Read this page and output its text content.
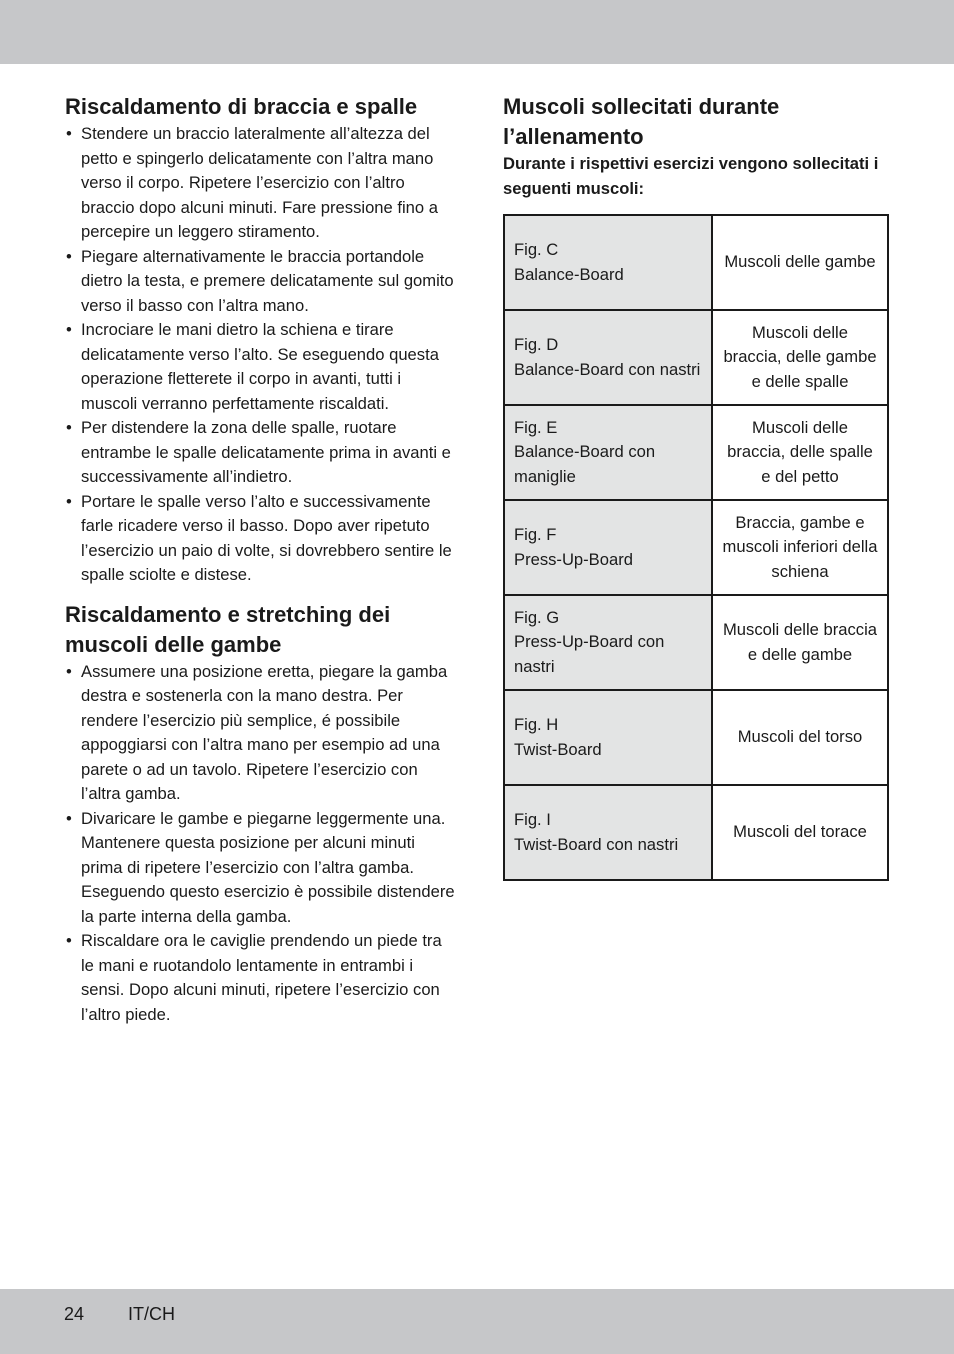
Riscaldamento di braccia e spalle
• Stendere un braccio lateralmente all’altezza del petto e spingerlo delicatamente con l’altra mano verso il corpo. Ripetere l’esercizio con l’altro braccio dopo alcuni minuti. Fare pressione fino a percepire un leggero stiramento.
• Piegare alternativamente le braccia portandole dietro la testa, e premere delicatamente sul gomito verso il basso con l’altra mano.
• Incrociare le mani dietro la schiena e tirare delicatamente verso l’alto. Se eseguendo questa operazione fletterete il corpo in avanti, tutti i muscoli verranno perfettamente riscaldati.
• Per distendere la zona delle spalle, ruotare entrambe le spalle delicatamente prima in avanti e successivamente all’indietro.
• Portare le spalle verso l’alto e successivamente farle ricadere verso il basso. Dopo aver ripetuto l’esercizio un paio di volte, si dovrebbero sentire le spalle sciolte e distese.
Riscaldamento e stretching dei muscoli delle gambe
• Assumere una posizione eretta, piegare la gamba destra e sostenerla con la mano destra. Per rendere l’esercizio più semplice, é possibile appoggiarsi con l’altra mano per esempio ad una parete o ad un tavolo. Ripetere l’esercizio con l’altra gamba.
• Divaricare le gambe e piegarne leggermente una. Mantenere questa posizione per alcuni minuti prima di ripetere l’esercizio con l’altra gamba. Eseguendo questo esercizio è possibile distendere la parte interna della gamba.
• Riscaldare ora le caviglie prendendo un piede tra le mani e ruotandolo lentamente in entrambi i sensi. Dopo alcuni minuti, ripetere l’esercizio con l’altro piede.
Muscoli sollecitati durante l’allenamento

Durante i rispettivi esercizi vengono sollecitati i seguenti muscoli:

Fig. C
Balance-Board	Muscoli delle gambe

Fig. D
Balance-Board con nastri	Muscoli delle braccia, delle gambe e delle spalle

Fig. E
Balance-Board con maniglie	Muscoli delle braccia, delle spalle e del petto

Fig. F
Press-Up-Board	Braccia, gambe e muscoli inferiori della schiena

Fig. G
Press-Up-Board con nastri	Muscoli delle braccia e delle gambe

Fig. H
Twist-Board	Muscoli del torso

Fig. I
Twist-Board con nastri	Muscoli del torace
24 IT/CH
